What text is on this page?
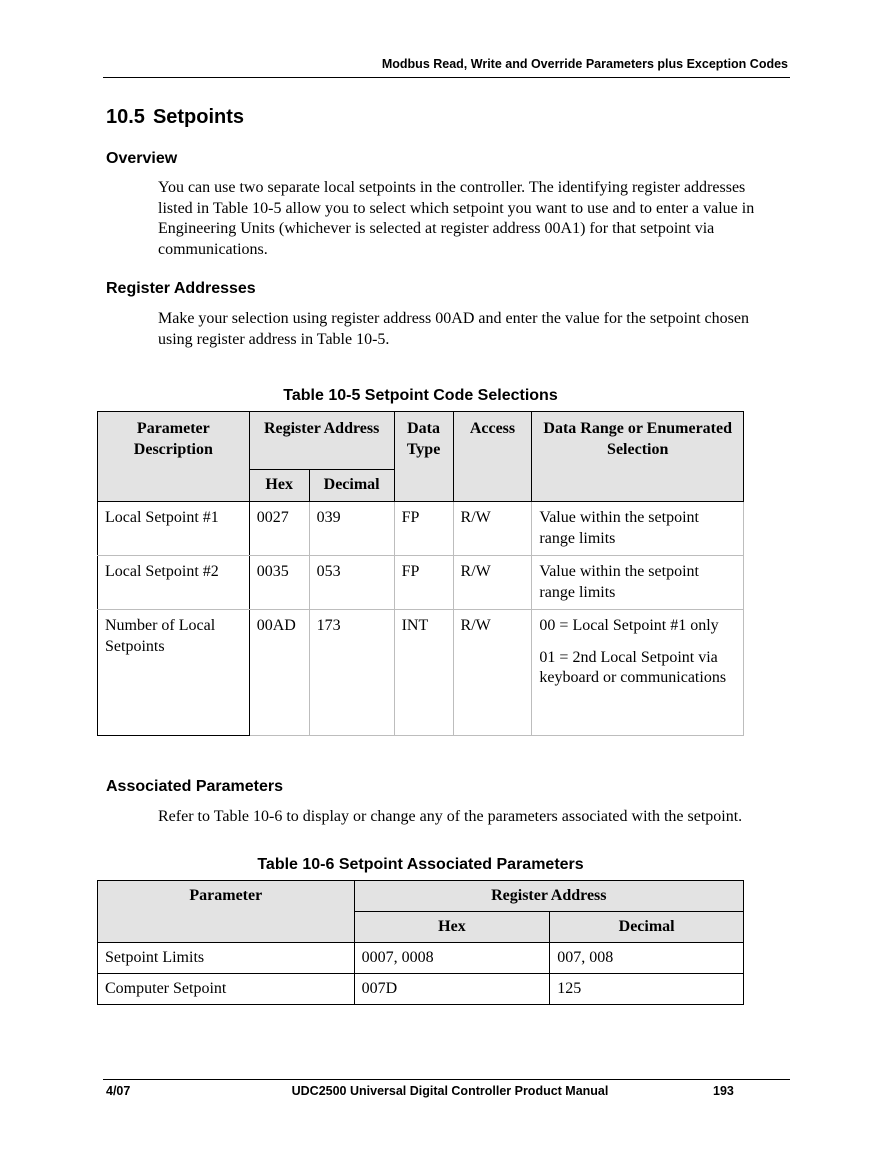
Modbus Read, Write and Override Parameters plus Exception Codes
10.5 Setpoints
Overview
You can use two separate local setpoints in the controller. The identifying register addresses listed in Table 10-5 allow you to select which setpoint you want to use and to enter a value in Engineering Units (whichever is selected at register address 00A1) for that setpoint via communications.
Register Addresses
Make your selection using register address 00AD and enter the value for the setpoint chosen using register address in Table 10-5.
Table 10-5 Setpoint Code Selections
Parameter Description	Register Address		Data Type	Access	Data Range or Enumerated Selection
	Hex	Decimal			
Local Setpoint #1	0027	039	FP	R/W	Value within the setpoint range limits
Local Setpoint #2	0035	053	FP	R/W	Value within the setpoint range limits
Number of Local Setpoints	00AD	173	INT	R/W	00 = Local Setpoint #1 only
01 = 2nd Local Setpoint via keyboard or communications
Associated Parameters
Refer to Table 10-6 to display or change any of the parameters associated with the setpoint.
Table 10-6 Setpoint Associated Parameters
Parameter	Register Address	
	Hex	Decimal
Setpoint Limits	0007, 0008	007, 008
Computer Setpoint	007D	125
4/07	UDC2500 Universal Digital Controller Product Manual	193
